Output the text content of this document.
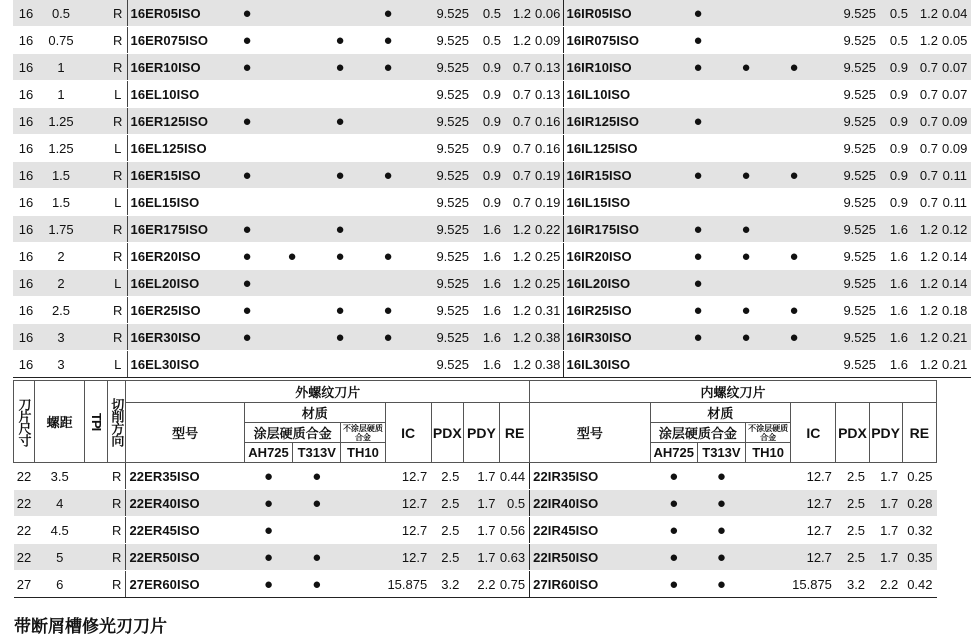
16	0.5		R	16ER05ISO	●			●	9.525	0.5	1.2	0.06	16IR05ISO	●			9.525	0.5	1.2	0.04
16	0.75		R	16ER075ISO	●		●	●	9.525	0.5	1.2	0.09	16IR075ISO	●			9.525	0.5	1.2	0.05
16	1		R	16ER10ISO	●		●	●	9.525	0.9	0.7	0.13	16IR10ISO	●	●	●	9.525	0.9	0.7	0.07
16	1		L	16EL10ISO					9.525	0.9	0.7	0.13	16IL10ISO				9.525	0.9	0.7	0.07
16	1.25		R	16ER125ISO	●		●		9.525	0.9	0.7	0.16	16IR125ISO	●			9.525	0.9	0.7	0.09
16	1.25		L	16EL125ISO					9.525	0.9	0.7	0.16	16IL125ISO				9.525	0.9	0.7	0.09
16	1.5		R	16ER15ISO	●		●	●	9.525	0.9	0.7	0.19	16IR15ISO	●	●	●	9.525	0.9	0.7	0.11
16	1.5		L	16EL15ISO					9.525	0.9	0.7	0.19	16IL15ISO				9.525	0.9	0.7	0.11
16	1.75		R	16ER175ISO	●		●		9.525	1.6	1.2	0.22	16IR175ISO	●	●		9.525	1.6	1.2	0.12
16	2		R	16ER20ISO	●	●	●	●	9.525	1.6	1.2	0.25	16IR20ISO	●	●	●	9.525	1.6	1.2	0.14
16	2		L	16EL20ISO	●				9.525	1.6	1.2	0.25	16IL20ISO	●			9.525	1.6	1.2	0.14
16	2.5		R	16ER25ISO	●		●	●	9.525	1.6	1.2	0.31	16IR25ISO	●	●	●	9.525	1.6	1.2	0.18
16	3		R	16ER30ISO	●		●	●	9.525	1.6	1.2	0.38	16IR30ISO	●	●	●	9.525	1.6	1.2	0.21
16	3		L	16EL30ISO					9.525	1.6	1.2	0.38	16IL30ISO				9.525	1.6	1.2	0.21
刀片尺寸	螺距	TPI	切削方向	外螺纹刀片								内螺纹刀片							
				型号	材质			IC	PDX	PDY	RE	型号	材质			IC	PDX	PDY	RE
					涂层硬质合金		不涂层硬质合金						涂层硬质合金		不涂层硬质合金				
					AH725	T313V	TH10						AH725	T313V	TH10				
22	3.5		R	22ER35ISO	●	●		12.7	2.5	1.7	0.44	22IR35ISO	●	●		12.7	2.5	1.7	0.25
22	4		R	22ER40ISO	●	●		12.7	2.5	1.7	0.5	22IR40ISO	●	●		12.7	2.5	1.7	0.28
22	4.5		R	22ER45ISO	●			12.7	2.5	1.7	0.56	22IR45ISO	●	●		12.7	2.5	1.7	0.32
22	5		R	22ER50ISO	●	●		12.7	2.5	1.7	0.63	22IR50ISO	●	●		12.7	2.5	1.7	0.35
27	6		R	27ER60ISO	●	●		15.875	3.2	2.2	0.75	27IR60ISO	●	●		15.875	3.2	2.2	0.42
带断屑槽修光刃刀片
